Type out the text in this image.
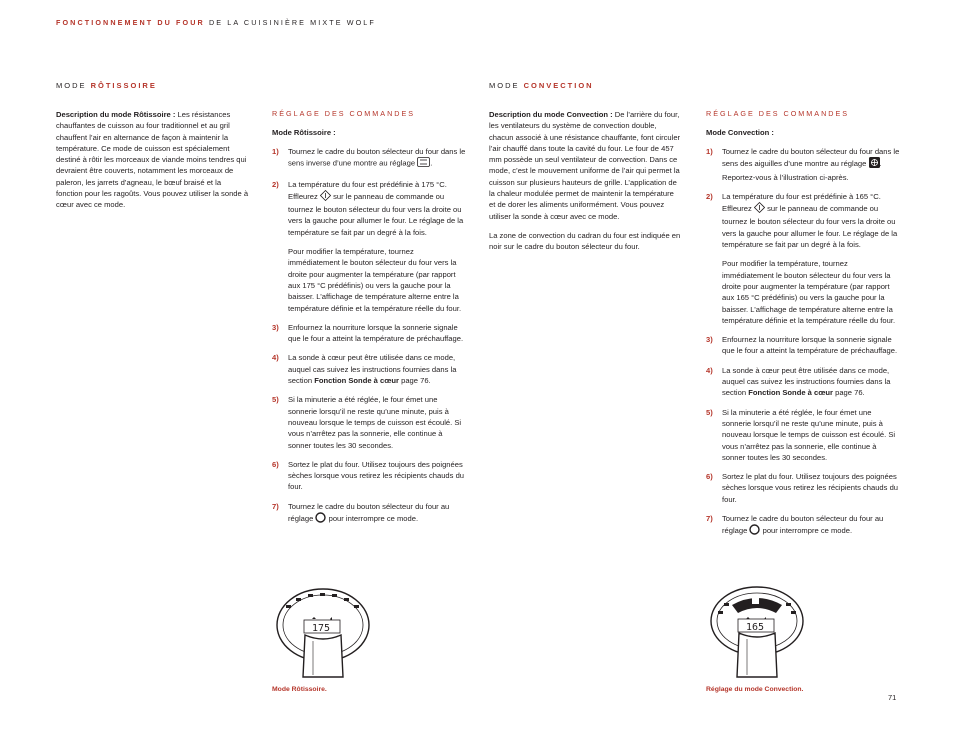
FONCTIONNEMENT DU FOUR DE LA CUISINIÈRE MIXTE WOLF
MODE RÔTISSOIRE

Description du mode Rôtissoire : Les résistances chauffantes de cuisson au four traditionnel et au gril chauffent l’air en alternance de façon à maintenir la température. Ce mode de cuisson est spécialement destiné à rôtir les morceaux de viande moins tendres qui devraient être couverts, notamment les morceaux de paleron, les jarrets d’agneau, le bœuf braisé et la fonction pour les ragoûts. Vous pouvez utiliser la sonde à cœur avec ce mode.

RÉGLAGE DES COMMANDES
Mode Rôtissoire :
1) Tournez le cadre du bouton sélecteur du four dans le sens inverse d’une montre au réglage .
2) La température du four est prédéfinie à 175 °C. Effleurez sur le panneau de commande ou tournez le bouton sélecteur du four vers la droite ou vers la gauche pour allumer le four. Le réglage de la température se fait par un degré à la fois.
Pour modifier la température, tournez immédiatement le bouton sélecteur du four vers la droite pour augmenter la température (par rapport aux 175 °C prédéfinis) ou vers la gauche pour la baisser. L’affichage de température alterne entre la température définie et la température réelle du four.
3) Enfournez la nourriture lorsque la sonnerie signale que le four a atteint la température de préchauffage.
4) La sonde à cœur peut être utilisée dans ce mode, auquel cas suivez les instructions fournies dans la section Fonction Sonde à cœur page 76.
5) Si la minuterie a été réglée, le four émet une sonnerie lorsqu’il ne reste qu’une minute, puis à nouveau lorsque le temps de cuisson est écoulé. Si vous n’arrêtez pas la sonnerie, elle continue à sonner toutes les 30 secondes.
6) Sortez le plat du four. Utilisez toujours des poignées sèches lorsque vous retirez les récipients chauds du four.
7) Tournez le cadre du bouton sélecteur du four au réglage pour interrompre ce mode.
175
Mode Rôtissoire.
MODE CONVECTION

Description du mode Convection : De l’arrière du four, les ventilateurs du système de convection double, chacun associé à une résistance chauffante, font circuler l’air chauffé dans toute la cavité du four. Le four de 457 mm possède un seul ventilateur de convection. Dans ce mode, c’est le mouvement uniforme de l’air qui permet la cuisson sur plusieurs hauteurs de grille. L’application de la chaleur modulée permet de maintenir la température et de dorer les aliments uniformément. Vous pouvez utiliser la sonde à cœur avec ce mode.

La zone de convection du cadran du four est indiquée en noir sur le cadre du bouton sélecteur du four.

RÉGLAGE DES COMMANDES
Mode Convection :
1) Tournez le cadre du bouton sélecteur du four dans le sens des aiguilles d’une montre au réglage . Reportez-vous à l’illustration ci-après.
2) La température du four est prédéfinie à 165 °C. Effleurez sur le panneau de commande ou tournez le bouton sélecteur du four vers la droite ou vers la gauche pour allumer le four. Le réglage de la température se fait par un degré à la fois.
Pour modifier la température, tournez immédiatement le bouton sélecteur du four vers la droite pour augmenter la température (par rapport aux 165 °C prédéfinis) ou vers la gauche pour la baisser. L’affichage de température alterne entre la température définie et la température réelle du four.
3) Enfournez la nourriture lorsque la sonnerie signale que le four a atteint la température de préchauffage.
4) La sonde à cœur peut être utilisée dans ce mode, auquel cas suivez les instructions fournies dans la section Fonction Sonde à cœur page 76.
5) Si la minuterie a été réglée, le four émet une sonnerie lorsqu’il ne reste qu’une minute, puis à nouveau lorsque le temps de cuisson est écoulé. Si vous n’arrêtez pas la sonnerie, elle continue à sonner toutes les 30 secondes.
6) Sortez le plat du four. Utilisez toujours des poignées sèches lorsque vous retirez les récipients chauds du four.
7) Tournez le cadre du bouton sélecteur du four au réglage pour interrompre ce mode.
165
Réglage du mode Convection.
71
